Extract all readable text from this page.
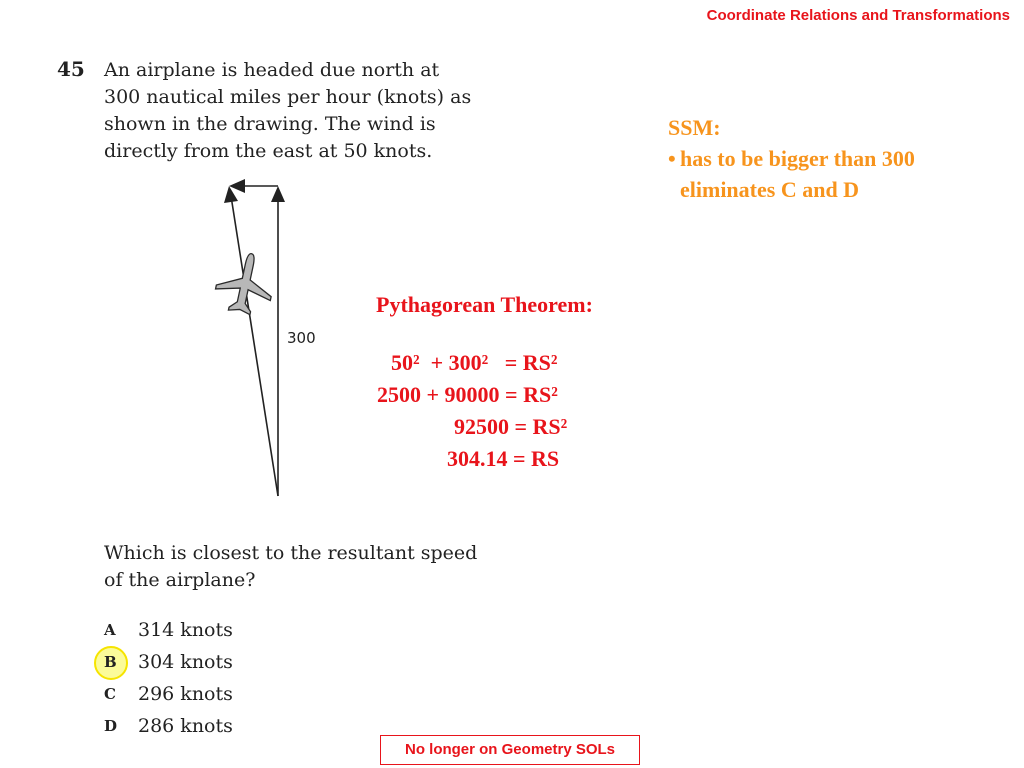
Coordinate Relations and Transformations
45 An airplane is headed due north at
300 nautical miles per hour (knots) as
shown in the drawing. The wind is
directly from the east at 50 knots.
300
SSM:
• has to be bigger than 300
eliminates C and D
Pythagorean Theorem:
50²  + 300²   = RS²
2500 + 90000 = RS²
92500 = RS²
304.14 = RS
Which is closest to the resultant speed
of the airplane?
A	314 knots
B	304 knots
C	296 knots
D	286 knots
No longer on Geometry SOLs
